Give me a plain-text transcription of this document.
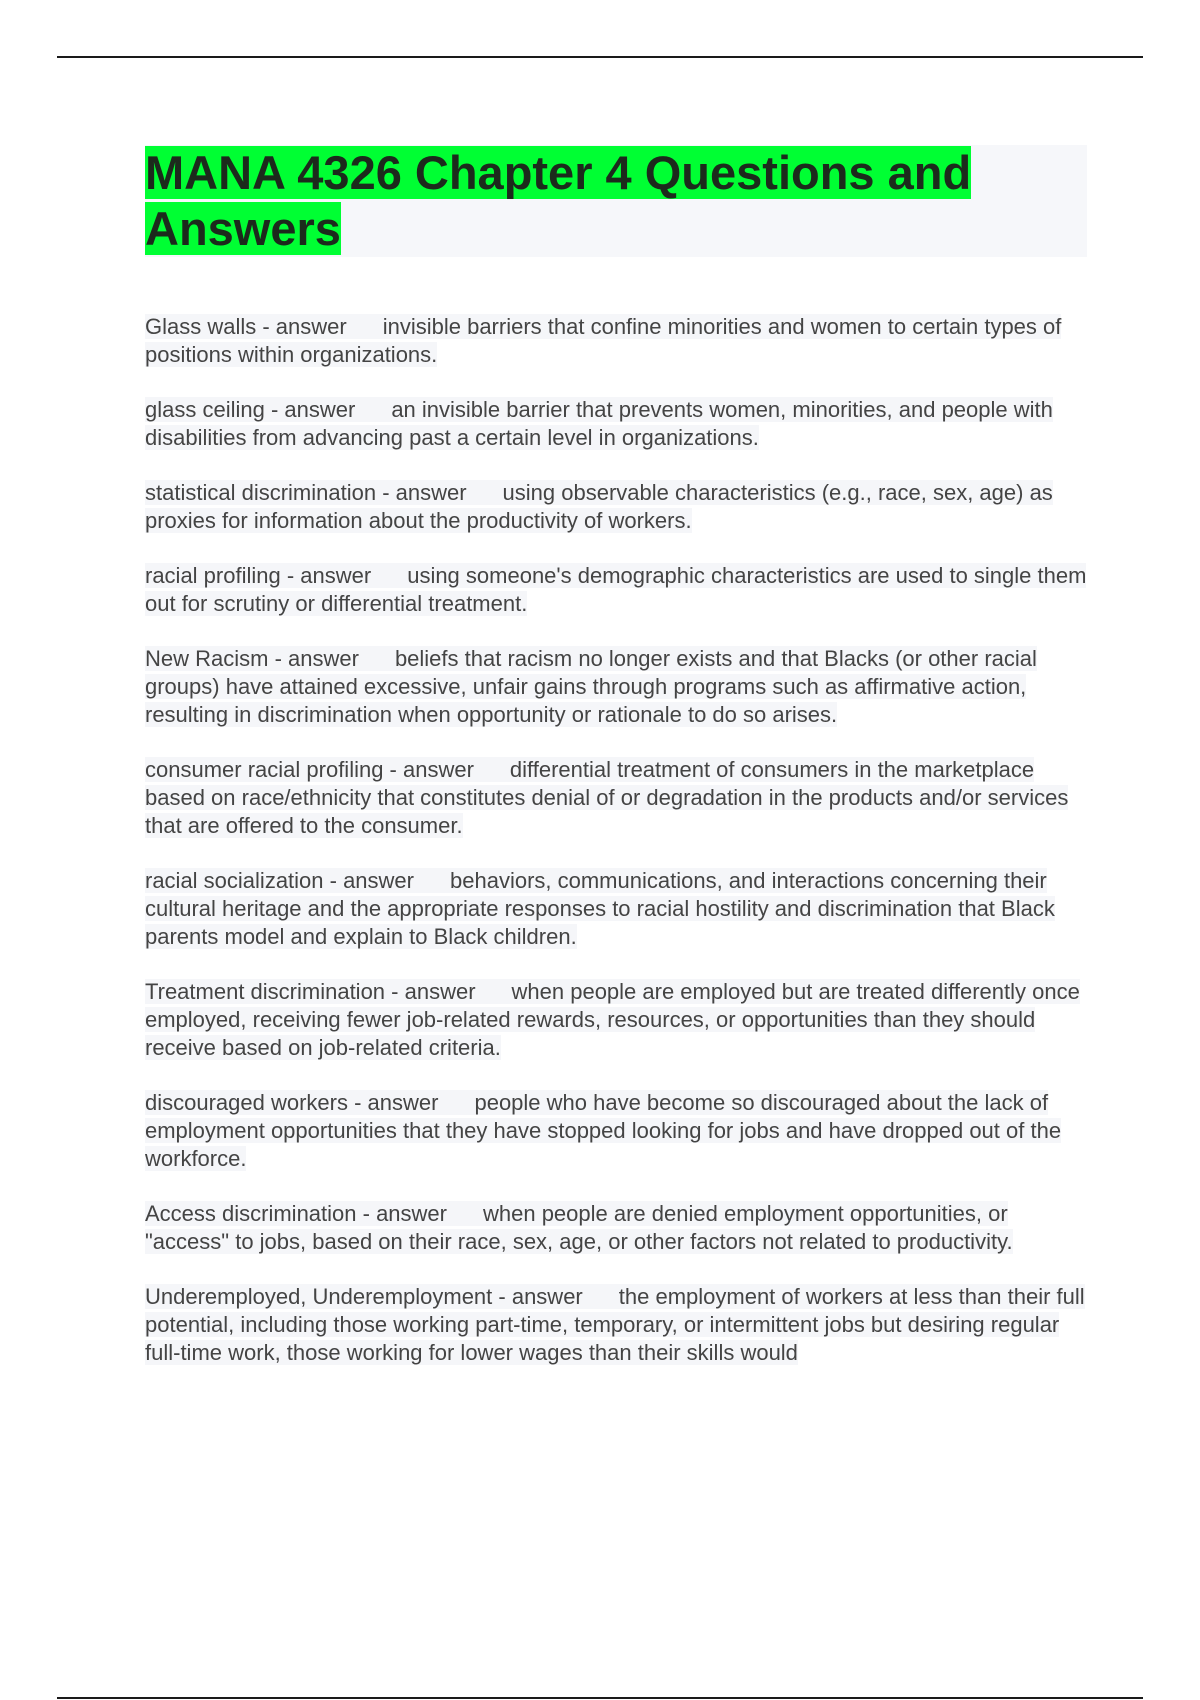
MANA 4326 Chapter 4 Questions and Answers

Glass walls - answer invisible barriers that confine minorities and women to certain types of positions within organizations.

glass ceiling - answer an invisible barrier that prevents women, minorities, and people with disabilities from advancing past a certain level in organizations.

statistical discrimination - answer using observable characteristics (e.g., race, sex, age) as proxies for information about the productivity of workers.

racial profiling - answer using someone's demographic characteristics are used to single them out for scrutiny or differential treatment.

New Racism - answer beliefs that racism no longer exists and that Blacks (or other racial groups) have attained excessive, unfair gains through programs such as affirmative action, resulting in discrimination when opportunity or rationale to do so arises.

consumer racial profiling - answer differential treatment of consumers in the marketplace based on race/ethnicity that constitutes denial of or degradation in the products and/or services that are offered to the consumer.

racial socialization - answer behaviors, communications, and interactions concerning their cultural heritage and the appropriate responses to racial hostility and discrimination that Black parents model and explain to Black children.

Treatment discrimination - answer when people are employed but are treated differently once employed, receiving fewer job-related rewards, resources, or opportunities than they should receive based on job-related criteria.

discouraged workers - answer people who have become so discouraged about the lack of employment opportunities that they have stopped looking for jobs and have dropped out of the workforce.

Access discrimination - answer when people are denied employment opportunities, or "access" to jobs, based on their race, sex, age, or other factors not related to productivity.

Underemployed, Underemployment - answer the employment of workers at less than their full potential, including those working part-time, temporary, or intermittent jobs but desiring regular full-time work, those working for lower wages than their skills would
